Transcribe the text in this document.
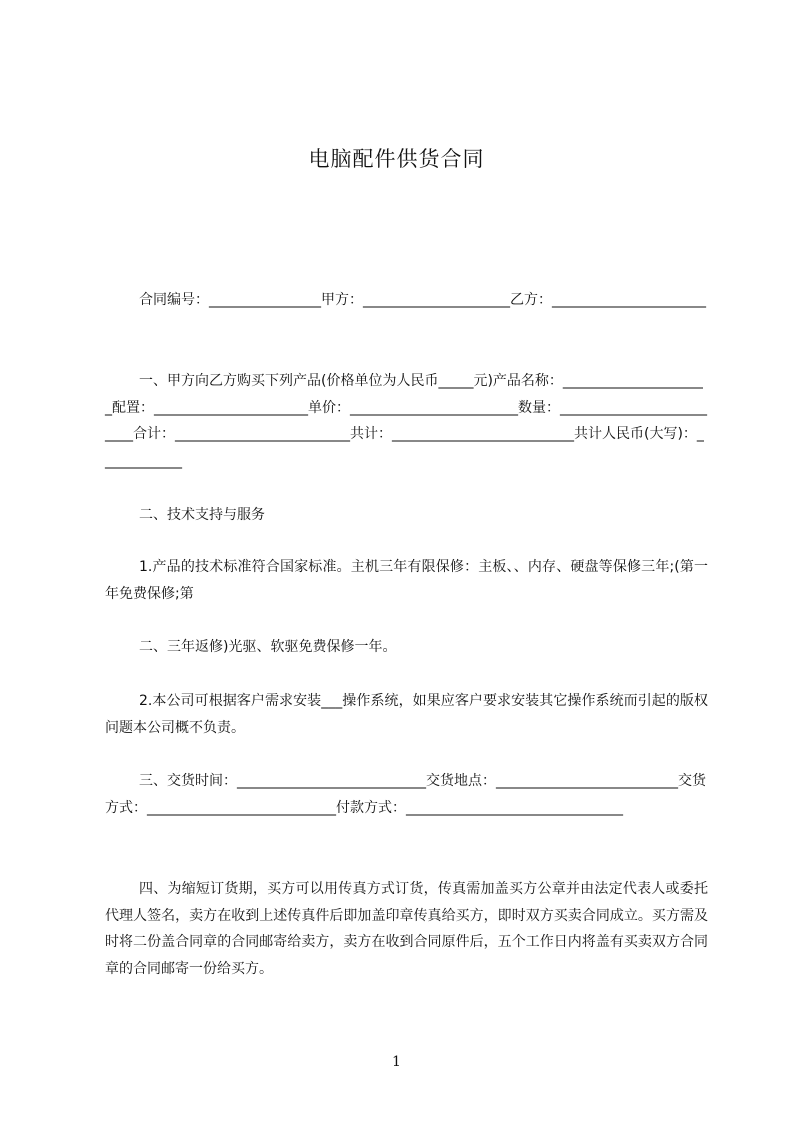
电脑配件供货合同
合同编号：________________甲方：_____________________乙方：______________________
一、甲方向乙方购买下列产品(价格单位为人民币_____元)产品名称：_____________________配置：______________________单价：________________________数量：_________________________合计：_________________________共计：__________________________共计人民币(大写)：____________
二、技术支持与服务
1.产品的技术标准符合国家标准。主机三年有限保修：主板、、内存、硬盘等保修三年;(第一年免费保修;第
二、三年返修)光驱、软驱免费保修一年。
2.本公司可根据客户需求安装___操作系统，如果应客户要求安装其它操作系统而引起的版权问题本公司概不负责。
三、交货时间：___________________________交货地点：__________________________交货方式：___________________________付款方式：_______________________________
四、为缩短订货期，买方可以用传真方式订货，传真需加盖买方公章并由法定代表人或委托代理人签名，卖方在收到上述传真件后即加盖印章传真给买方，即时双方买卖合同成立。买方需及时将二份盖合同章的合同邮寄给卖方，卖方在收到合同原件后，五个工作日内将盖有买卖双方合同章的合同邮寄一份给买方。
1
